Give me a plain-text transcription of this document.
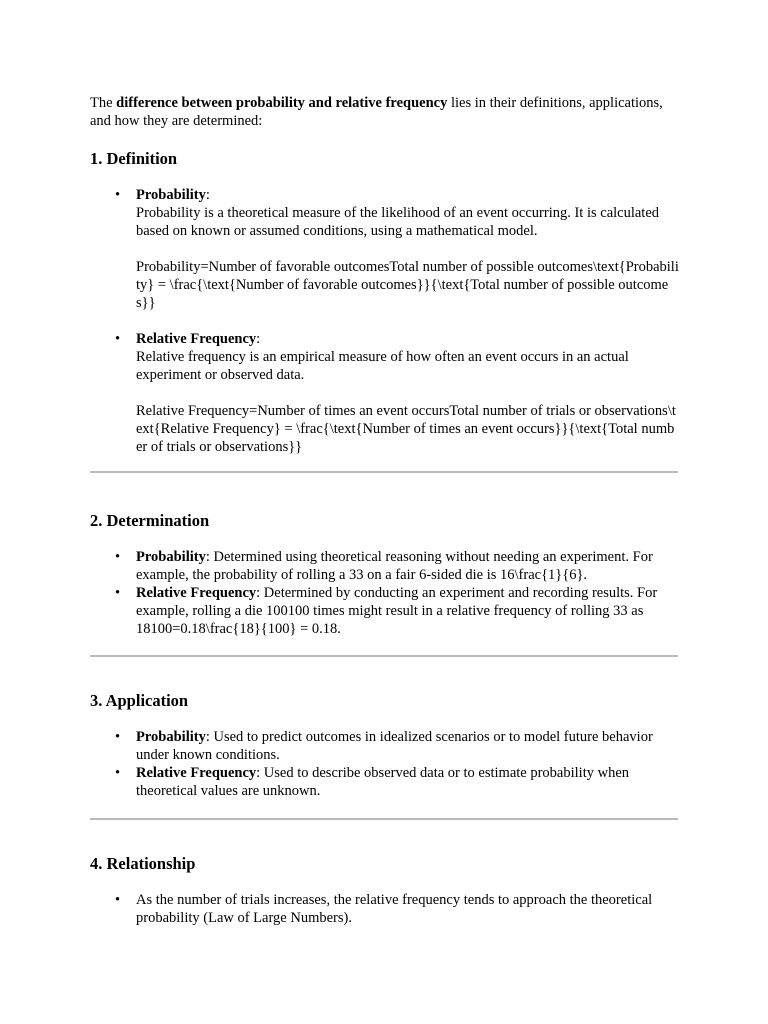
The difference between probability and relative frequency lies in their definitions, applications, and how they are determined:

1. Definition
• Probability:
Probability is a theoretical measure of the likelihood of an event occurring. It is calculated based on known or assumed conditions, using a mathematical model.
Probability=Number of favorable outcomesTotal number of possible outcomes\text{Probability} = \frac{\text{Number of favorable outcomes}}{\text{Total number of possible outcomes}}
• Relative Frequency:
Relative frequency is an empirical measure of how often an event occurs in an actual experiment or observed data.
Relative Frequency=Number of times an event occursTotal number of trials or observations\text{Relative Frequency} = \frac{\text{Number of times an event occurs}}{\text{Total number of trials or observations}}
2. Determination
• Probability: Determined using theoretical reasoning without needing an experiment. For example, the probability of rolling a 33 on a fair 6-sided die is 16\frac{1}{6}.
• Relative Frequency: Determined by conducting an experiment and recording results. For example, rolling a die 100100 times might result in a relative frequency of rolling 33 as 18100=0.18\frac{18}{100} = 0.18.
3. Application
• Probability: Used to predict outcomes in idealized scenarios or to model future behavior under known conditions.
• Relative Frequency: Used to describe observed data or to estimate probability when theoretical values are unknown.
4. Relationship
• As the number of trials increases, the relative frequency tends to approach the theoretical probability (Law of Large Numbers).
